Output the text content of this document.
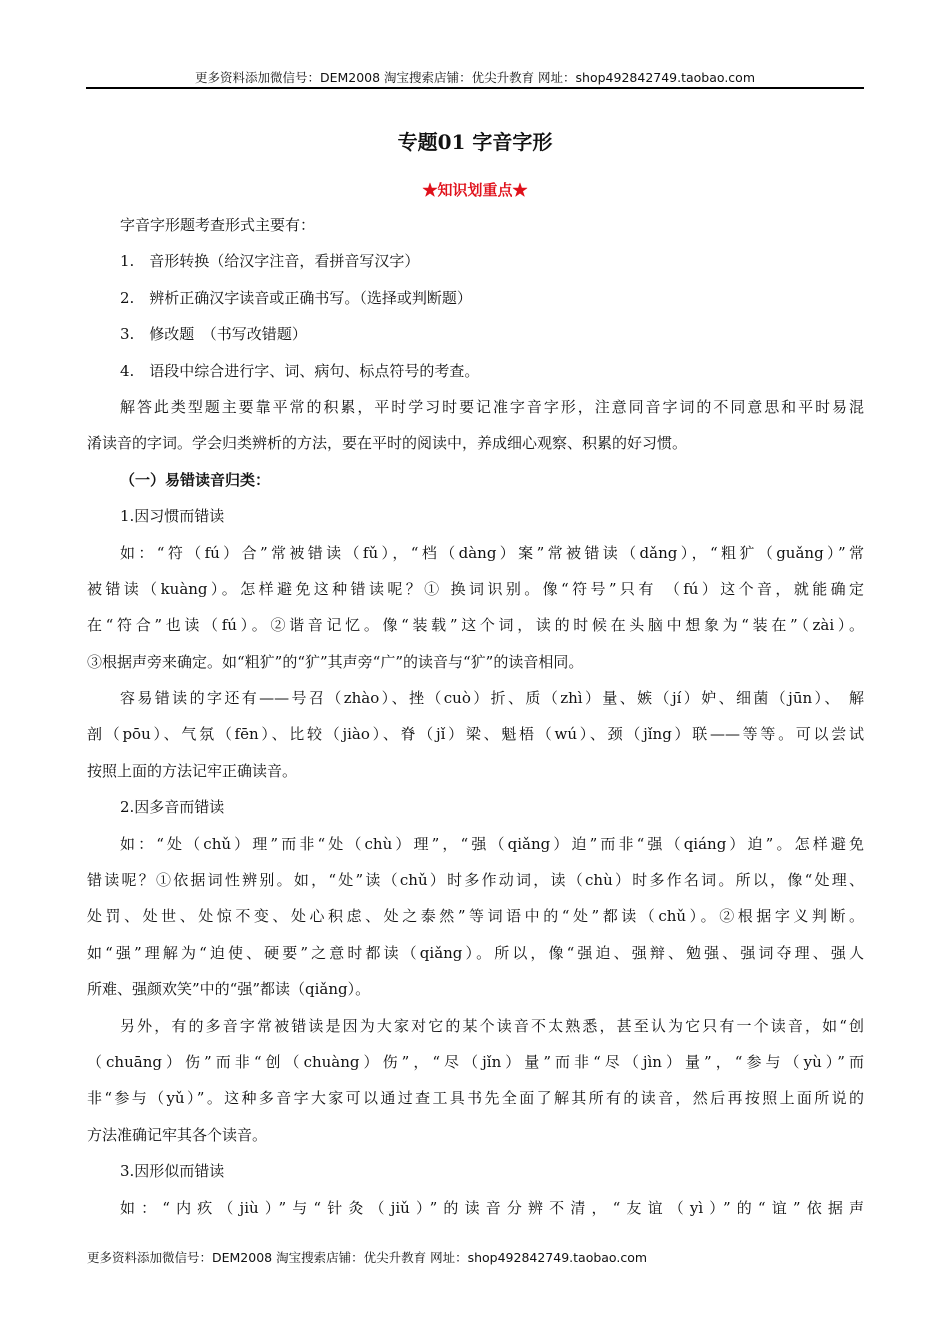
更多资料添加微信号：DEM2008 淘宝搜索店铺：优尖升教育 网址：shop492842749.taobao.com
专题01 字音字形
★知识划重点★
字音字形题考查形式主要有：
1.　音形转换（给汉字注音，看拼音写汉字）
2.　辨析正确汉字读音或正确书写。（选择或判断题）
3.　修改题　（书写改错题）
4.　语段中综合进行字、词、病句、标点符号的考查。
解答此类型题主要靠平常的积累，平时学习时要记准字音字形，注意同音字词的不同意思和平时易混
淆读音的字词。学会归类辨析的方法，要在平时的阅读中，养成细心观察、积累的好习惯。
（一）易错读音归类：
1.因习惯而错读
如：“符（fú）合”常被错读（fǔ），“档（dàng）案”常被错读（dǎng），“粗犷（guǎng）”常
被错读（kuàng）。怎样避免这种错读呢？① 换词识别。像“符号”只有 （fú）这个音，就能确定
在“符合”也读（fú）。②谐音记忆。像“装载”这个词，读的时候在头脑中想象为“装在”（zài）。
③根据声旁来确定。如“粗犷”的“犷”其声旁“广”的读音与“犷”的读音相同。
容易错读的字还有——号召（zhào）、挫（cuò）折、质（zhì）量、嫉（jí）妒、细菌（jūn）、 解
剖（pōu）、气氛（fēn）、比较（jiào）、脊（jǐ）梁、魁梧（wú）、颈（jǐng）联——等等。可以尝试
按照上面的方法记牢正确读音。
2.因多音而错读
如：“处（chǔ）理”而非“处（chù）理”，“强（qiǎng）迫”而非“强（qiáng）迫”。怎样避免
错读呢？①依据词性辨别。如，“处”读（chǔ）时多作动词，读（chù）时多作名词。所以，像“处理、
处罚、处世、处惊不变、处心积虑、处之泰然”等词语中的“处”都读（chǔ）。②根据字义判断。
如“强”理解为“迫使、硬要”之意时都读（qiǎng）。所以，像“强迫、强辩、勉强、强词夺理、强人
所难、强颜欢笑”中的“强”都读（qiǎng）。
另外，有的多音字常被错读是因为大家对它的某个读音不太熟悉，甚至认为它只有一个读音，如“创
（chuāng）伤”而非“创（chuàng）伤”，“尽（jǐn）量”而非“尽（jìn）量”，“参与（yù）”而
非“参与（yǔ）”。这种多音字大家可以通过查工具书先全面了解其所有的读音，然后再按照上面所说的
方法准确记牢其各个读音。
3.因形似而错读
如：“内疚（jiù）”与“针灸（jiǔ）”的读音分辨不清，“友谊（yì）”的“谊”依据声
更多资料添加微信号：DEM2008 淘宝搜索店铺：优尖升教育 网址：shop492842749.taobao.com
